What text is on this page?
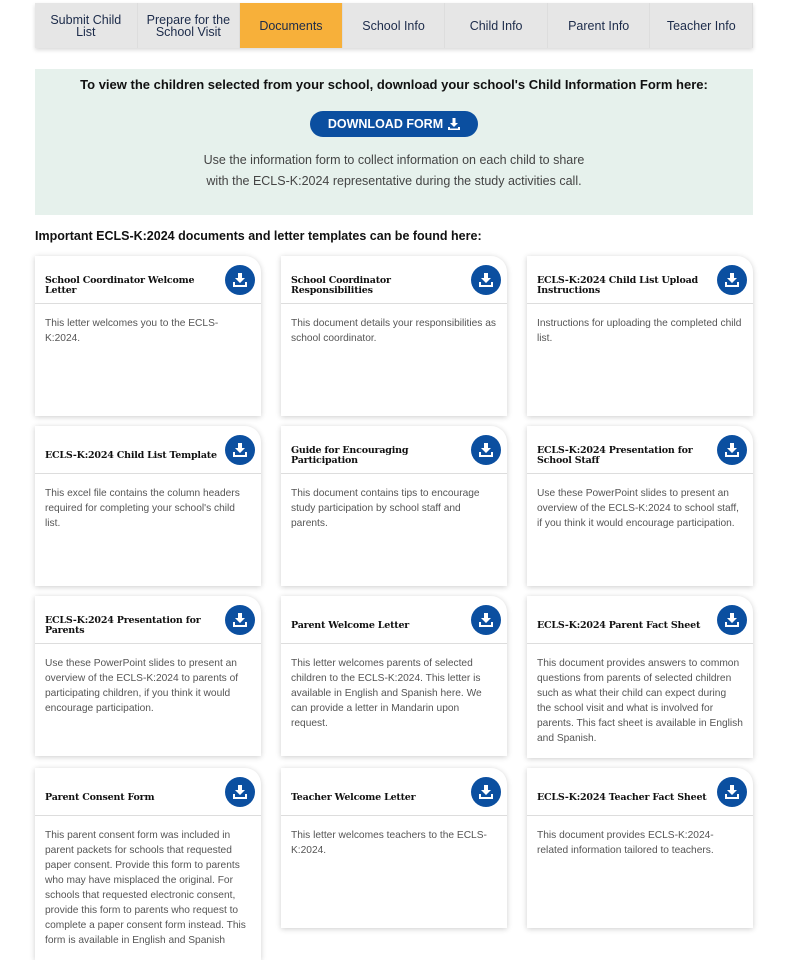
Submit Child List
Prepare for the School Visit	Documents	School Info	Child Info	Parent Info	Teacher Info
To view the children selected from your school, download your school's Child Information Form here:
DOWNLOAD FORM

Use the information form to collect information on each child to share
with the ECLS-K:2024 representative during the study activities call.

Important ECLS-K:2024 documents and letter templates can be found here:
School Coordinator Welcome Letter
This letter welcomes you to the ECLS-K:2024.
School Coordinator Responsibilities
This document details your responsibilities as school coordinator.
ECLS-K:2024 Child List Upload Instructions
Instructions for uploading the completed child list.
ECLS-K:2024 Child List Template
This excel file contains the column headers required for completing your school's child list.
Guide for Encouraging Participation
This document contains tips to encourage study participation by school staff and parents.
ECLS-K:2024 Presentation for School Staff
Use these PowerPoint slides to present an overview of the ECLS-K:2024 to school staff, if you think it would encourage participation.
ECLS-K:2024 Presentation for Parents
Use these PowerPoint slides to present an overview of the ECLS-K:2024 to parents of participating children, if you think it would encourage participation.
Parent Welcome Letter
This letter welcomes parents of selected children to the ECLS-K:2024. This letter is available in English and Spanish here. We can provide a letter in Mandarin upon request.
ECLS-K:2024 Parent Fact Sheet
This document provides answers to common questions from parents of selected children such as what their child can expect during the school visit and what is involved for parents. This fact sheet is available in English and Spanish.
Parent Consent Form
This parent consent form was included in parent packets for schools that requested paper consent. Provide this form to parents who may have misplaced the original. For schools that requested electronic consent, provide this form to parents who request to complete a paper consent form instead. This form is available in English and Spanish
Teacher Welcome Letter
This letter welcomes teachers to the ECLS-K:2024.
ECLS-K:2024 Teacher Fact Sheet
This document provides ECLS-K:2024-related information tailored to teachers.
